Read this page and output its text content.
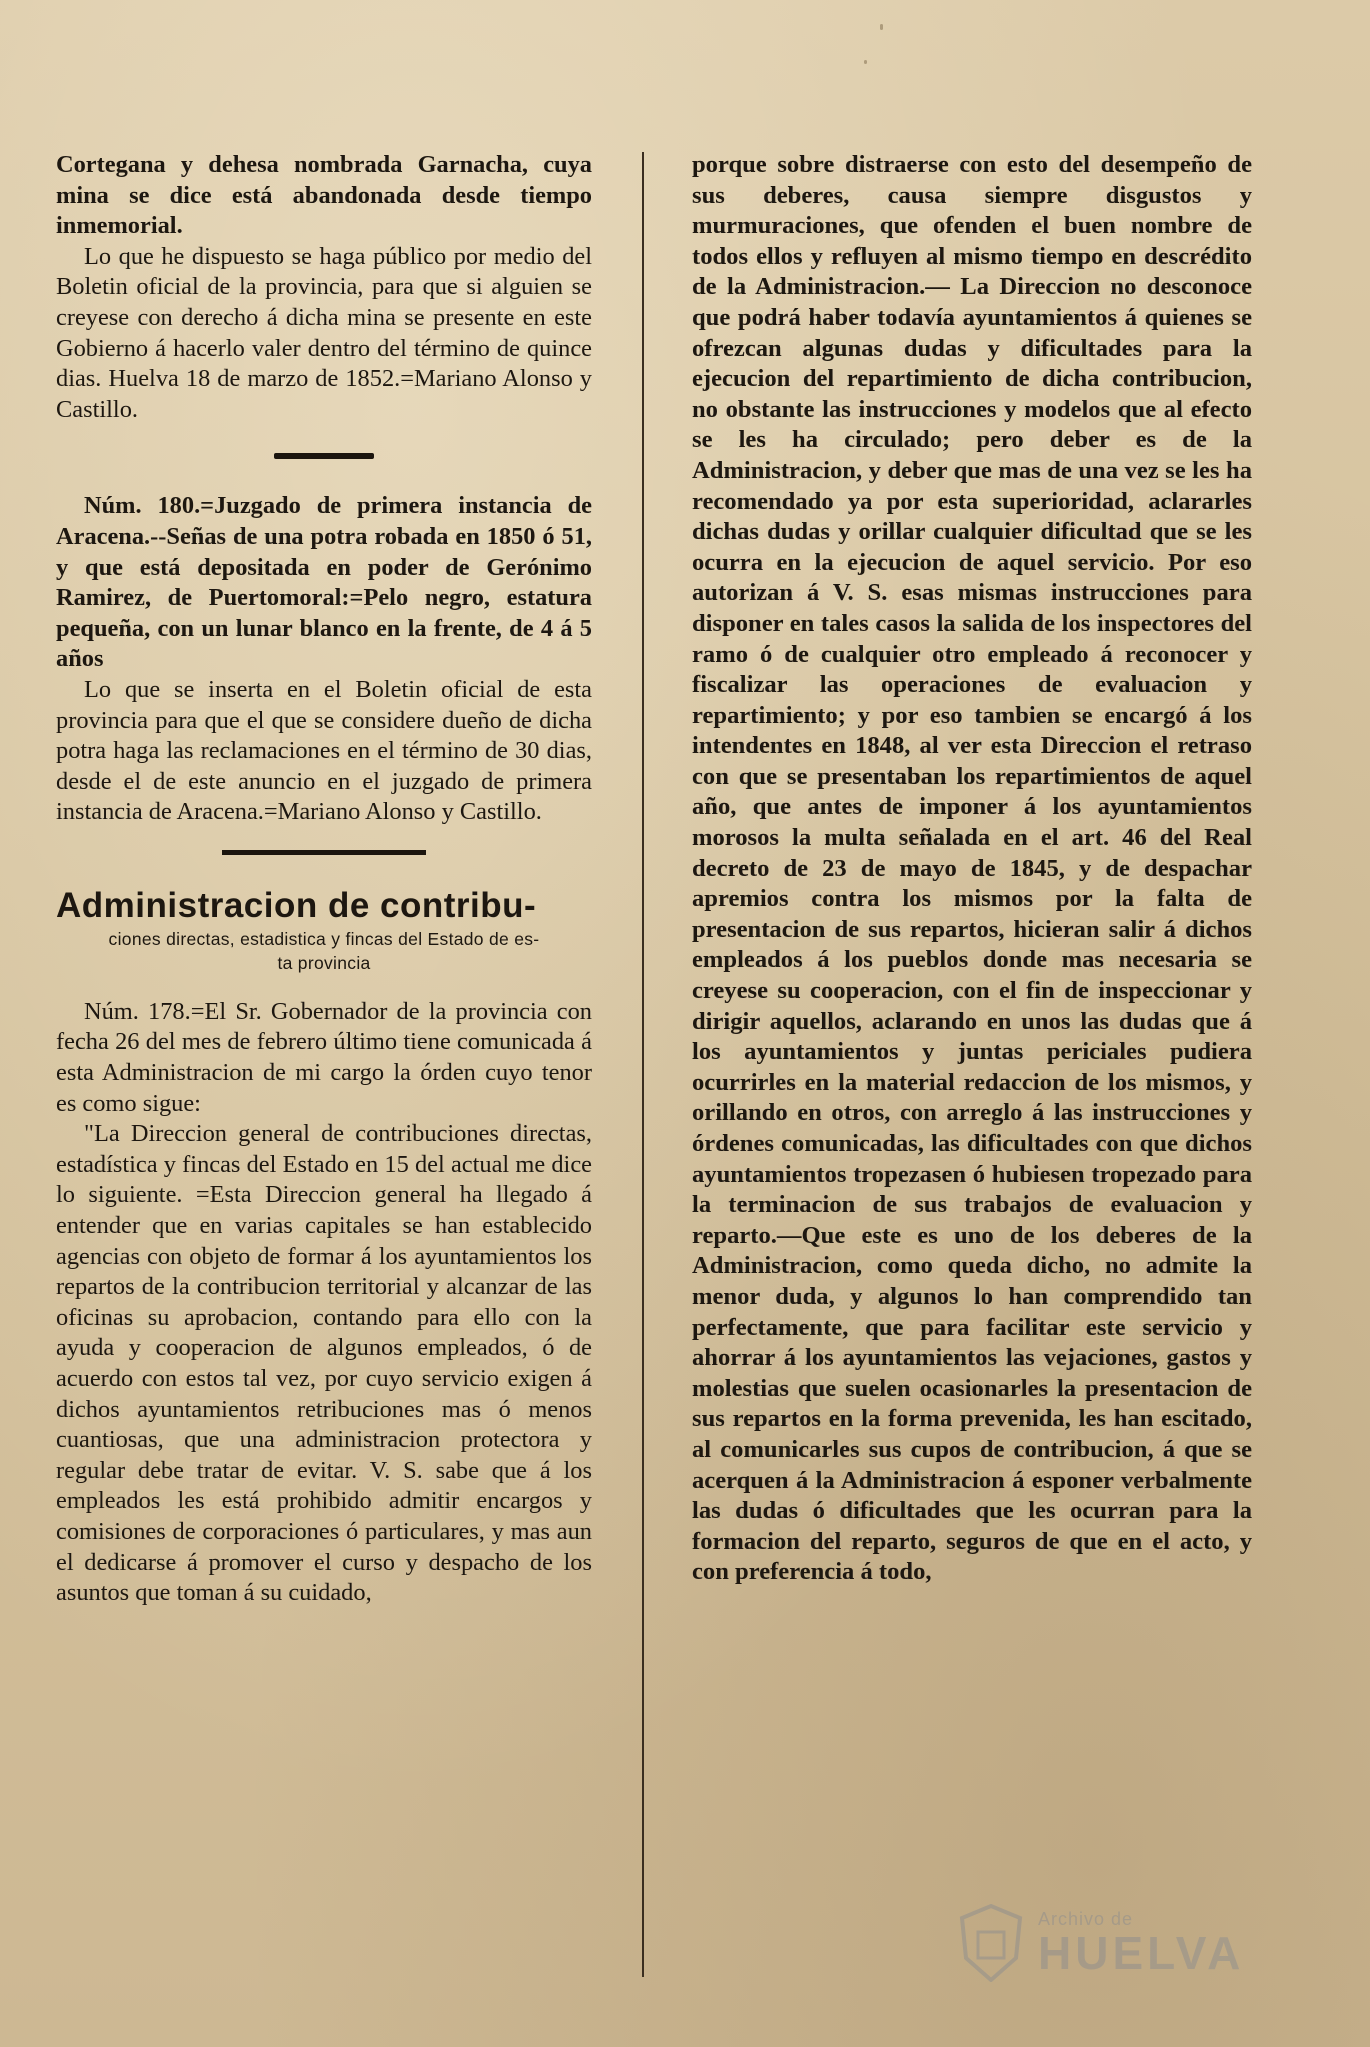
Cortegana y dehesa nombrada Garnacha, cuya mina se dice está abandonada desde tiempo inmemorial.

Lo que he dispuesto se haga público por medio del Boletin oficial de la provincia, para que si alguien se creyese con derecho á dicha mina se presente en este Gobierno á hacerlo valer dentro del término de quince dias. Huelva 18 de marzo de 1852.=Mariano Alonso y Castillo.

Núm. 180.=Juzgado de primera instancia de Aracena.--Señas de una potra robada en 1850 ó 51, y que está depositada en poder de Gerónimo Ramirez, de Puertomoral:=Pelo negro, estatura pequeña, con un lunar blanco en la frente, de 4 á 5 años

Lo que se inserta en el Boletin oficial de esta provincia para que el que se considere dueño de dicha potra haga las reclamaciones en el término de 30 dias, desde el de este anuncio en el juzgado de primera instancia de Aracena.=Mariano Alonso y Castillo.

Administracion de contribu-
ciones directas, estadistica y fincas del Estado de es-
ta provincia

Núm. 178.=El Sr. Gobernador de la provincia con fecha 26 del mes de febrero último tiene comunicada á esta Administracion de mi cargo la órden cuyo tenor es como sigue:

"La Direccion general de contribuciones directas, estadística y fincas del Estado en 15 del actual me dice lo siguiente. =Esta Direccion general ha llegado á entender que en varias capitales se han establecido agencias con objeto de formar á los ayuntamientos los repartos de la contribucion territorial y alcanzar de las oficinas su aprobacion, contando para ello con la ayuda y cooperacion de algunos empleados, ó de acuerdo con estos tal vez, por cuyo servicio exigen á dichos ayuntamientos retribuciones mas ó menos cuantiosas, que una administracion protectora y regular debe tratar de evitar. V. S. sabe que á los empleados les está prohibido admitir encargos y comisiones de corporaciones ó particulares, y mas aun el dedicarse á promover el curso y despacho de los asuntos que toman á su cuidado,

porque sobre distraerse con esto del desempeño de sus deberes, causa siempre disgustos y murmuraciones, que ofenden el buen nombre de todos ellos y refluyen al mismo tiempo en descrédito de la Administracion.— La Direccion no desconoce que podrá haber todavía ayuntamientos á quienes se ofrezcan algunas dudas y dificultades para la ejecucion del repartimiento de dicha contribucion, no obstante las instrucciones y modelos que al efecto se les ha circulado; pero deber es de la Administracion, y deber que mas de una vez se les ha recomendado ya por esta superioridad, aclararles dichas dudas y orillar cualquier dificultad que se les ocurra en la ejecucion de aquel servicio. Por eso autorizan á V. S. esas mismas instrucciones para disponer en tales casos la salida de los inspectores del ramo ó de cualquier otro empleado á reconocer y fiscalizar las operaciones de evaluacion y repartimiento; y por eso tambien se encargó á los intendentes en 1848, al ver esta Direccion el retraso con que se presentaban los repartimientos de aquel año, que antes de imponer á los ayuntamientos morosos la multa señalada en el art. 46 del Real decreto de 23 de mayo de 1845, y de despachar apremios contra los mismos por la falta de presentacion de sus repartos, hicieran salir á dichos empleados á los pueblos donde mas necesaria se creyese su cooperacion, con el fin de inspeccionar y dirigir aquellos, aclarando en unos las dudas que á los ayuntamientos y juntas periciales pudiera ocurrirles en la material redaccion de los mismos, y orillando en otros, con arreglo á las instrucciones y órdenes comunicadas, las dificultades con que dichos ayuntamientos tropezasen ó hubiesen tropezado para la terminacion de sus trabajos de evaluacion y reparto.—Que este es uno de los deberes de la Administracion, como queda dicho, no admite la menor duda, y algunos lo han comprendido tan perfectamente, que para facilitar este servicio y ahorrar á los ayuntamientos las vejaciones, gastos y molestias que suelen ocasionarles la presentacion de sus repartos en la forma prevenida, les han escitado, al comunicarles sus cupos de contribucion, á que se acerquen á la Administracion á esponer verbalmente las dudas ó dificultades que les ocurran para la formacion del reparto, seguros de que en el acto, y con preferencia á todo,

Archivo de
HUELVA
